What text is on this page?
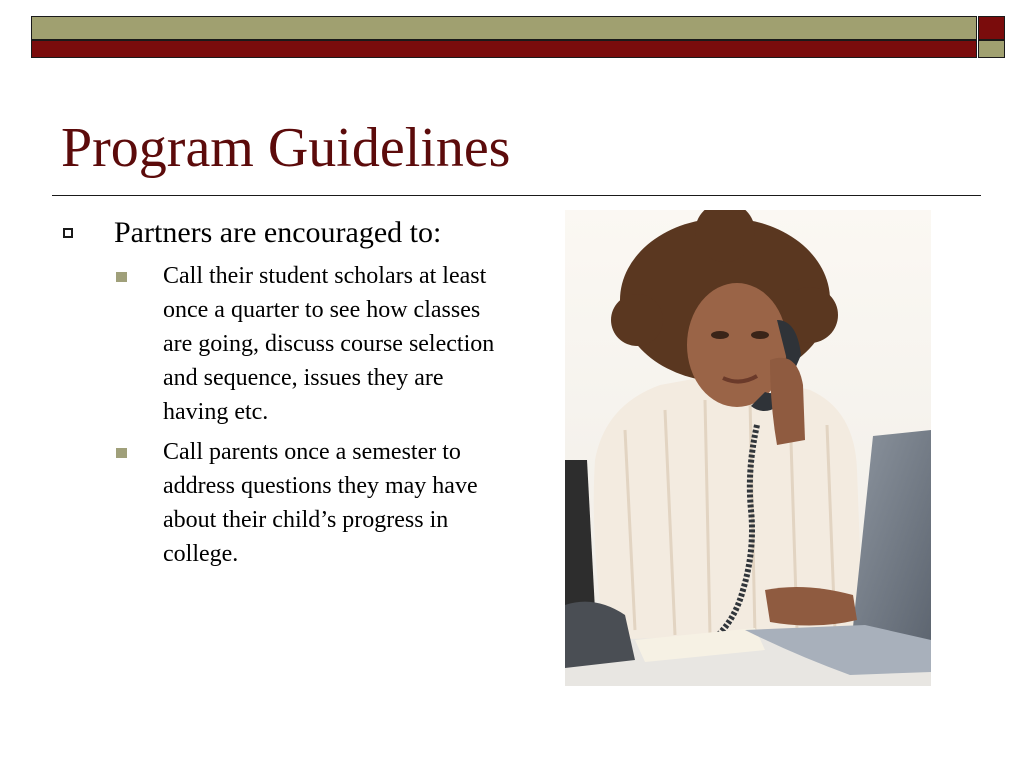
Program Guidelines
Partners are encouraged to:
Call their student scholars at least once a quarter to see how classes are going, discuss course selection and sequence, issues they are having etc.
Call parents once a semester to address questions they may have about their child’s progress in college.
